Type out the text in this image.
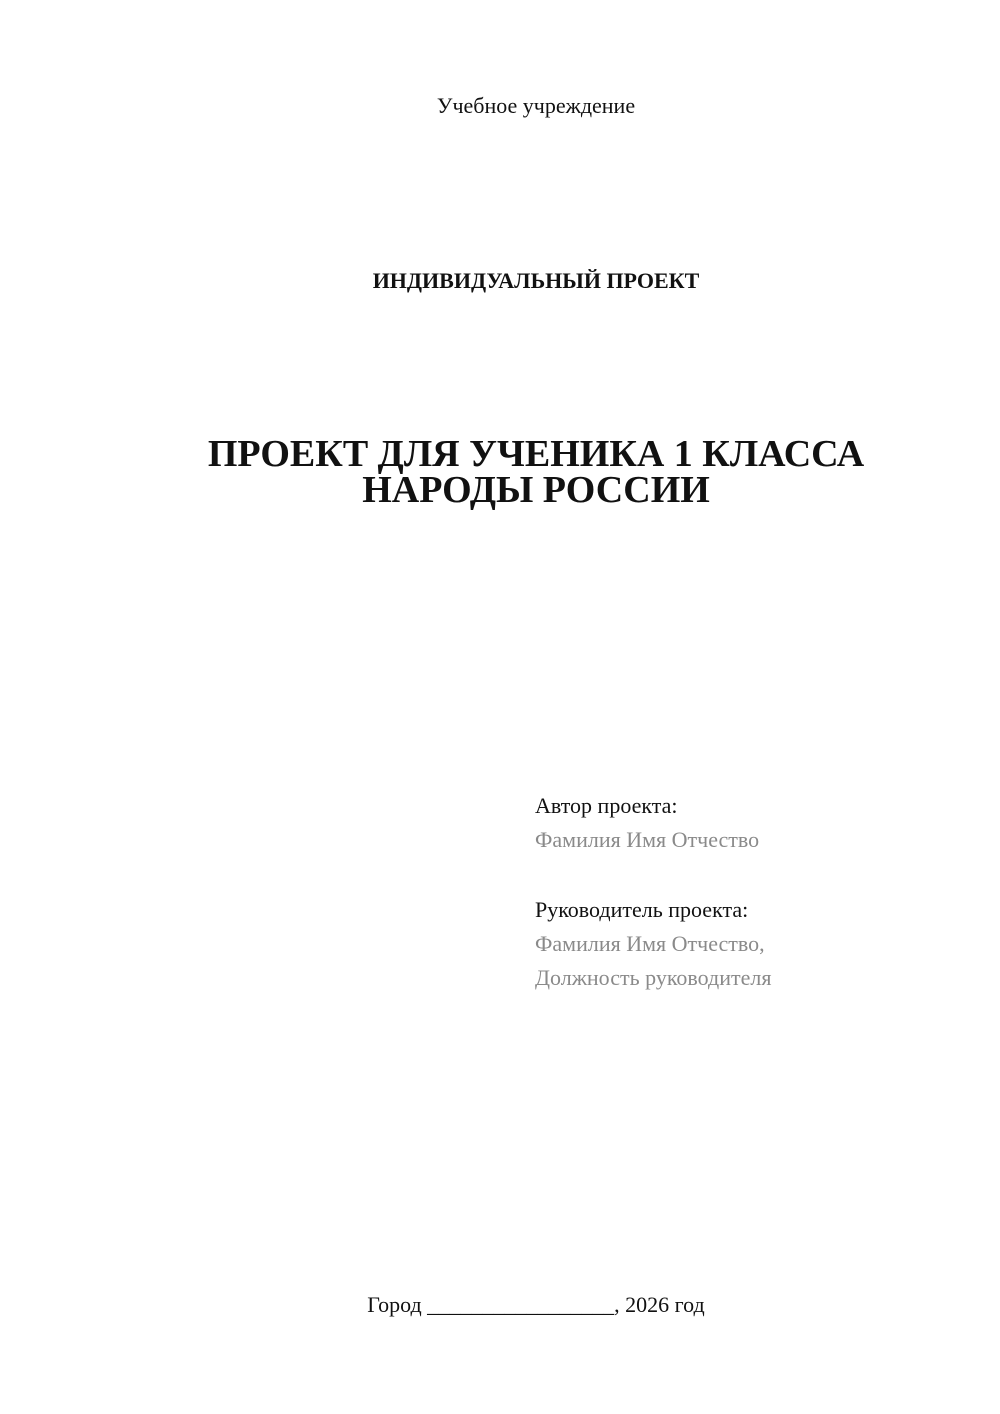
Учебное учреждение
ИНДИВИДУАЛЬНЫЙ ПРОЕКТ
ПРОЕКТ ДЛЯ УЧЕНИКА 1 КЛАССА
НАРОДЫ РОССИИ
Автор проекта:
Фамилия Имя Отчество
Руководитель проекта:
Фамилия Имя Отчество,
Должность руководителя
Город _________________, 2026 год
